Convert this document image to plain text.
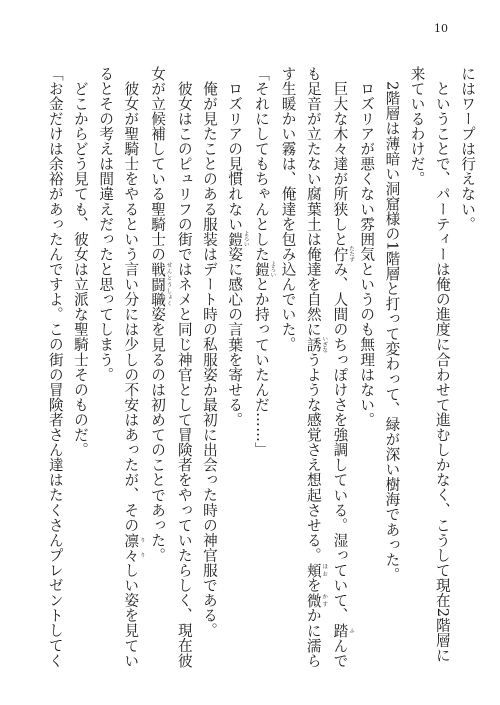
10
にはワープは行えない。
　ということで、パーティーは俺の進度に合わせて進むしかなく、こうして現在2階層に
来ているわけだ。
　2階層は薄暗い洞窟様の1階層と打って変わって、緑が深い樹海であった。
　ロズリアが悪くない雰囲気というのも無理はない。
　巨大な木々達が所狭しと佇 たたずみ、人間のちっぽけさを強調している。湿っていて、踏 ふんで
も足音が立たない腐葉土は俺達を自然に誘 いざなうような感覚さえ想起させる。頬 ほおを微 かすかに濡ら
す生暖かい霧は、俺達を包み込んでいた。
「それにしてもちゃんとした鎧 よろいとか持っていたんだ……」
　ロズリアの見慣れない鎧 よろい姿に感心の言葉を寄せる。
　俺が見たことのある服装はデート時の私服姿か最初に出会った時の神官服である。
　彼女はこのピュリフの街ではネメと同じ神官として冒険者をやっていたらしく、現在彼
女が立候補している聖騎士の戦闘職 せんとうしょく姿を見るのは初めてのことであった。
　彼女が聖騎士をやるという言い分には少しの不安はあったが、その凛々 りりしい姿を見てい
るとその考えは間違えだったと思ってしまう。
　どこからどう見ても、彼女は立派な聖騎士そのものだ。
「お金だけは余裕があったんですよ。この街の冒険者さん達はたくさんプレゼントしてく
